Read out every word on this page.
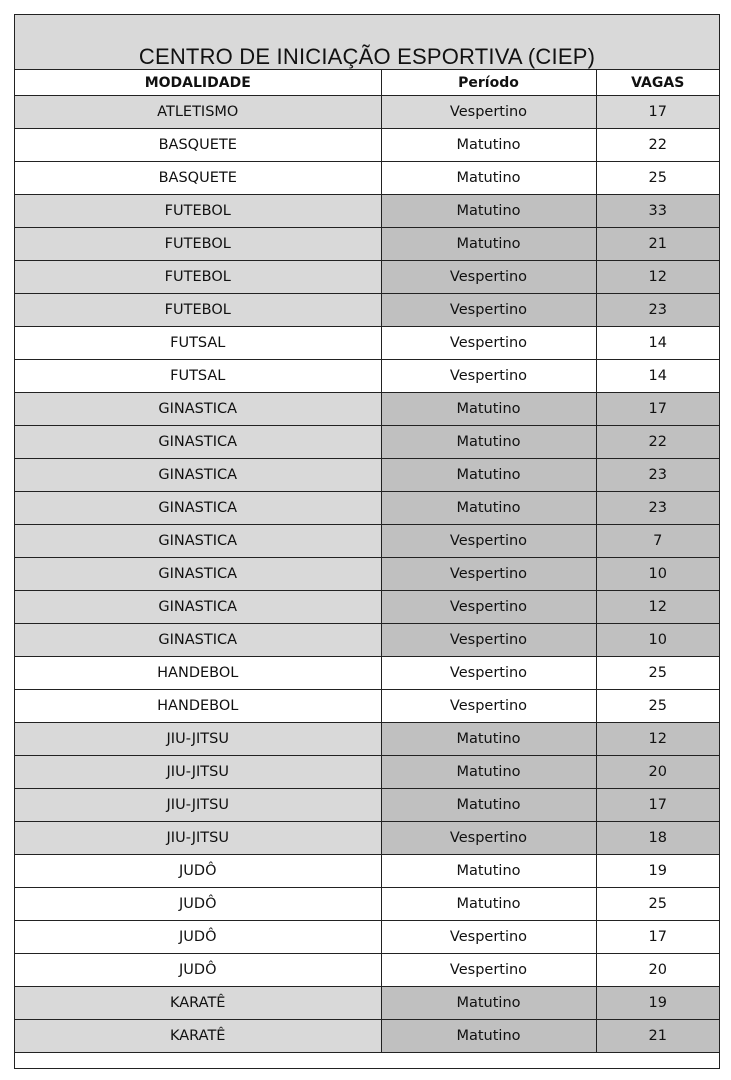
CENTRO DE INICIAÇÃO ESPORTIVA (CIEP)
MODALIDADE	Período	VAGAS
ATLETISMO	Vespertino	17
BASQUETE	Matutino	22
BASQUETE	Matutino	25
FUTEBOL	Matutino	33
FUTEBOL	Matutino	21
FUTEBOL	Vespertino	12
FUTEBOL	Vespertino	23
FUTSAL	Vespertino	14
FUTSAL	Vespertino	14
GINASTICA	Matutino	17
GINASTICA	Matutino	22
GINASTICA	Matutino	23
GINASTICA	Matutino	23
GINASTICA	Vespertino	7
GINASTICA	Vespertino	10
GINASTICA	Vespertino	12
GINASTICA	Vespertino	10
HANDEBOL	Vespertino	25
HANDEBOL	Vespertino	25
JIU-JITSU	Matutino	12
JIU-JITSU	Matutino	20
JIU-JITSU	Matutino	17
JIU-JITSU	Vespertino	18
JUDÔ	Matutino	19
JUDÔ	Matutino	25
JUDÔ	Vespertino	17
JUDÔ	Vespertino	20
KARATÊ	Matutino	19
KARATÊ	Matutino	21
